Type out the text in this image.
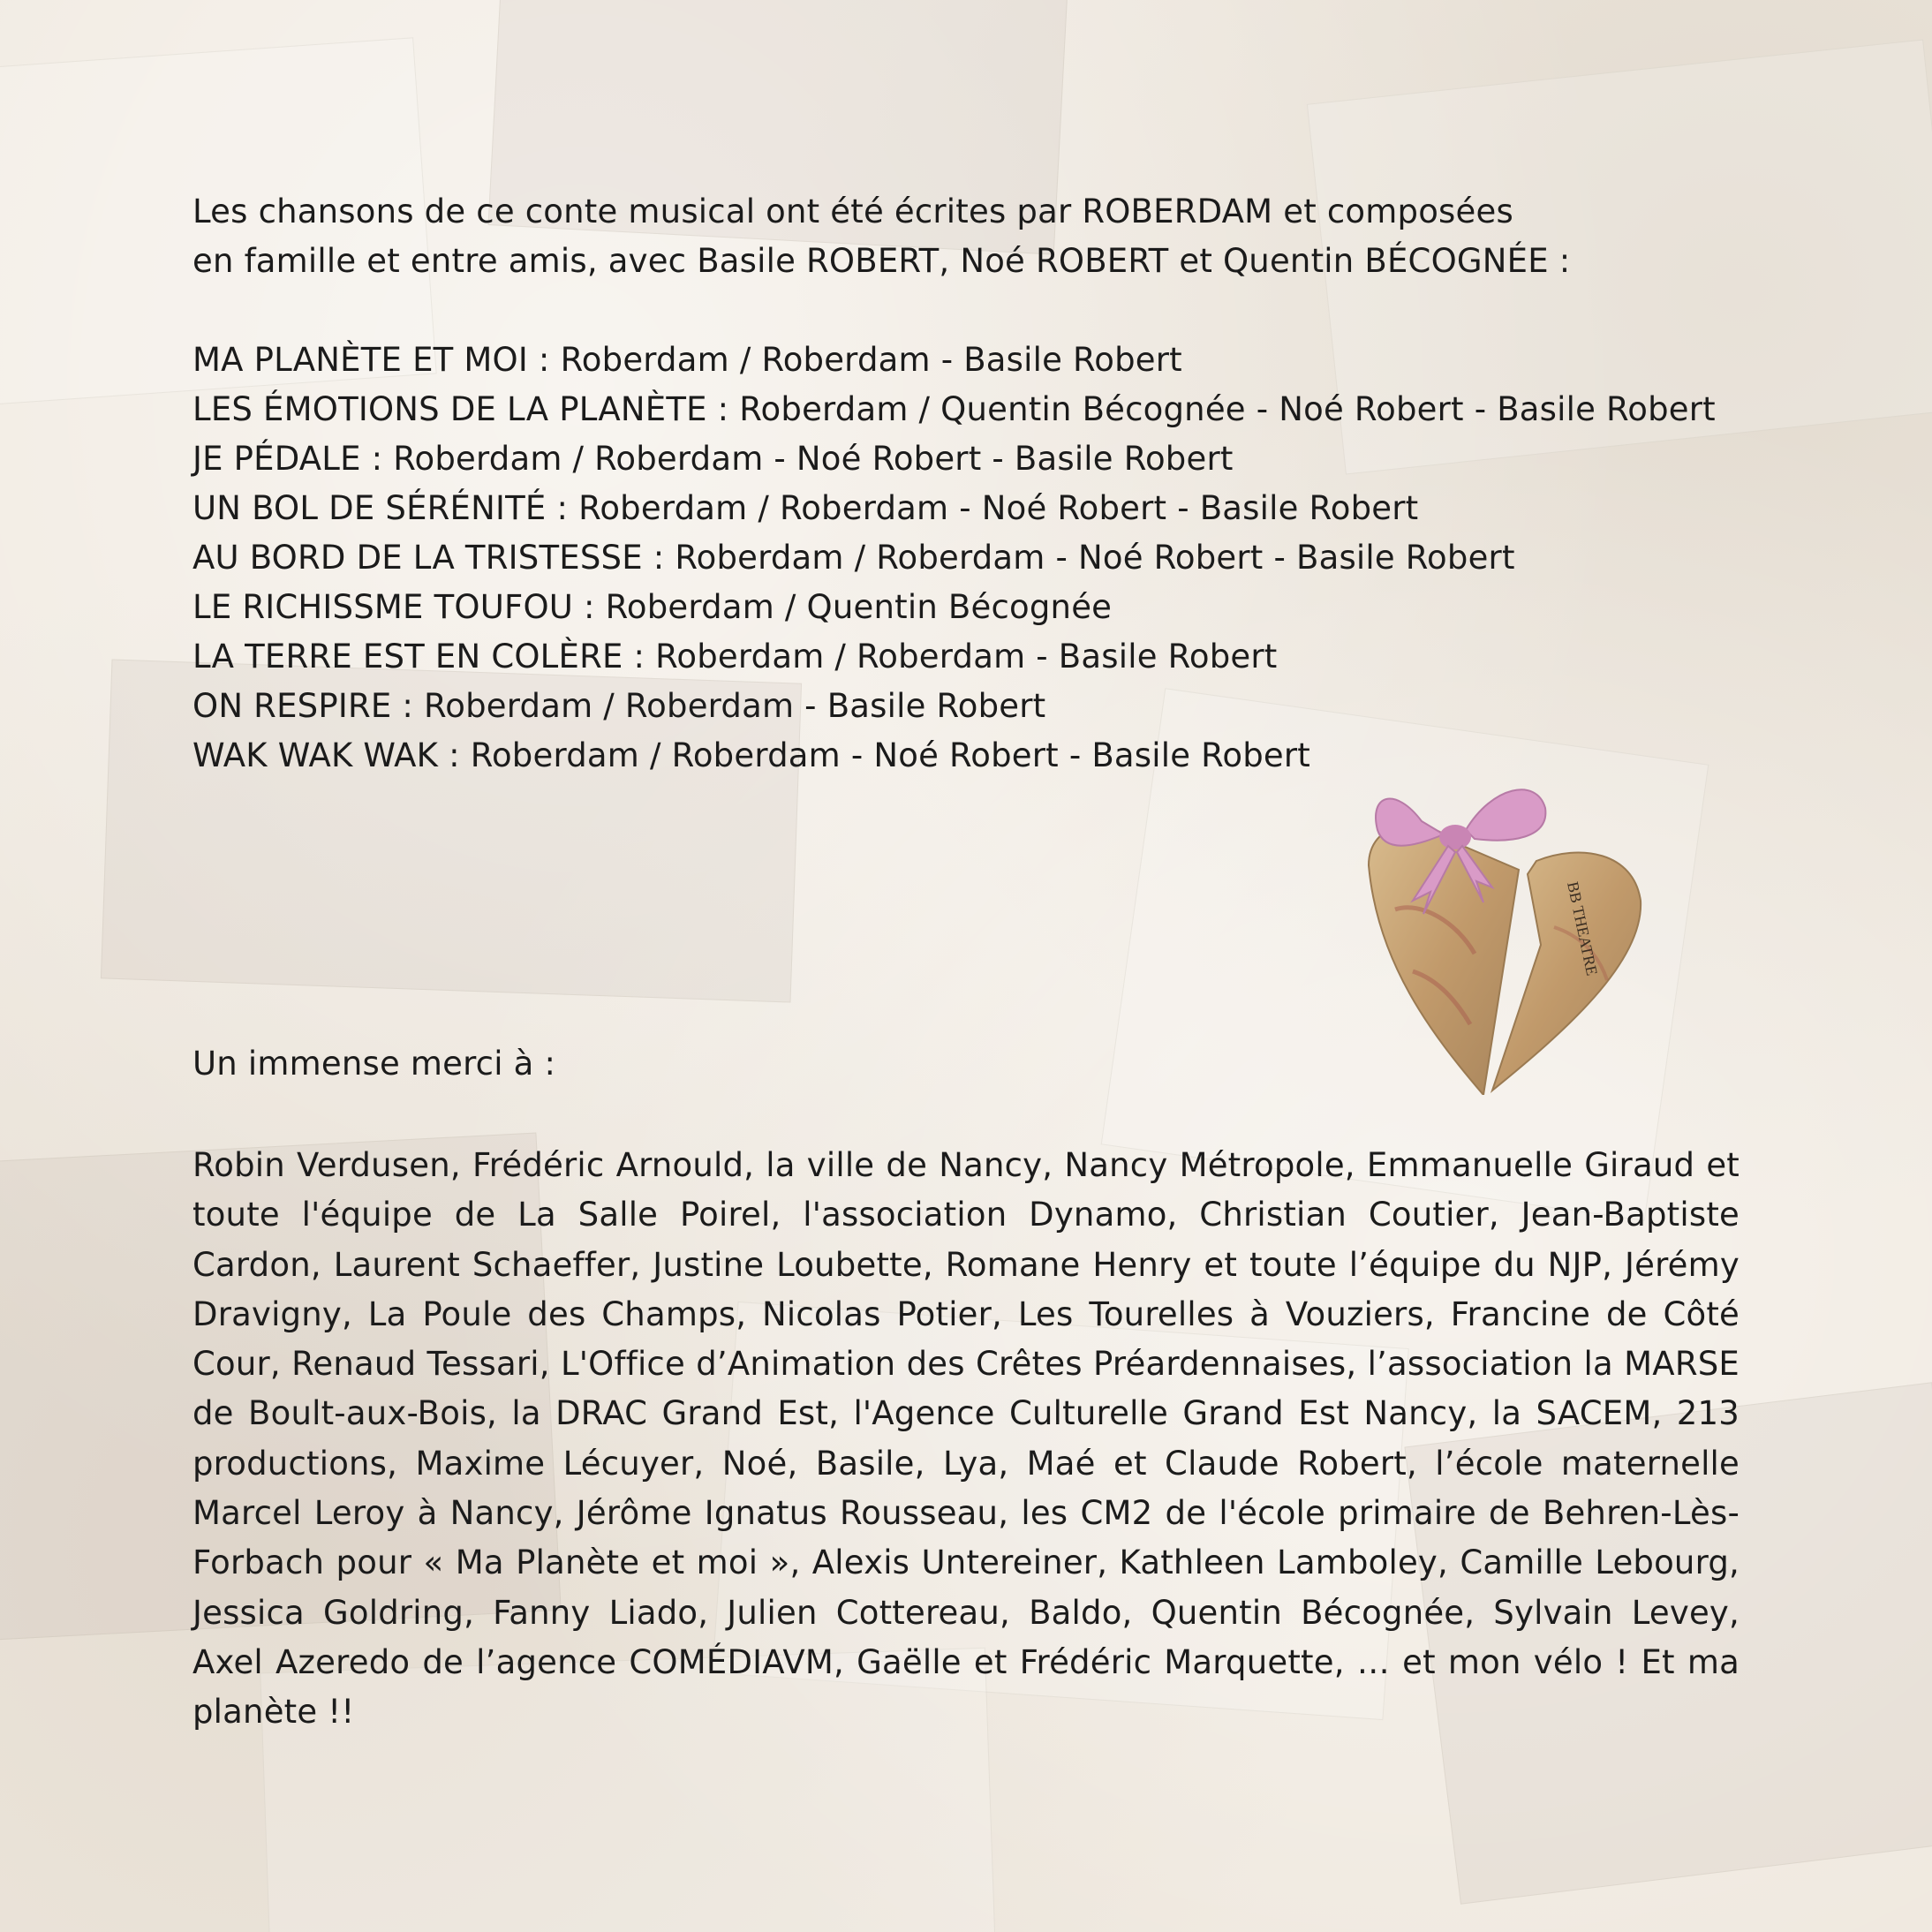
Les chansons de ce conte musical ont été écrites par ROBERDAM et composées

en famille et entre amis, avec Basile ROBERT, Noé ROBERT et Quentin BÉCOGNÉE :

MA PLANÈTE ET MOI : Roberdam / Roberdam - Basile Robert
LES ÉMOTIONS DE LA PLANÈTE : Roberdam / Quentin Bécognée - Noé Robert - Basile Robert
JE PÉDALE : Roberdam / Roberdam - Noé Robert - Basile Robert
UN BOL DE SÉRÉNITÉ : Roberdam / Roberdam - Noé Robert - Basile Robert
AU BORD DE LA TRISTESSE : Roberdam / Roberdam - Noé Robert - Basile Robert
LE RICHISSME TOUFOU : Roberdam / Quentin Bécognée
LA TERRE EST EN COLÈRE : Roberdam / Roberdam - Basile Robert
ON RESPIRE : Roberdam / Roberdam - Basile Robert
WAK WAK WAK : Roberdam / Roberdam - Noé Robert - Basile Robert
BB THEATRE
Un immense merci à :
Robin Verdusen, Frédéric Arnould, la ville de Nancy, Nancy Métropole, Emmanuelle Giraud et toute l'équipe de La Salle Poirel, l'association Dynamo, Christian Coutier, Jean-Baptiste Cardon, Laurent Schaeffer, Justine Loubette, Romane Henry et toute l’équipe du NJP, Jérémy Dravigny, La Poule des Champs, Nicolas Potier, Les Tourelles à Vouziers, Francine de Côté Cour, Renaud Tessari, L'Office d’Animation des Crêtes Préardennaises, l’association la MARSE de Boult-aux-Bois, la DRAC Grand Est, l'Agence Culturelle Grand Est Nancy, la SACEM, 213 productions, Maxime Lécuyer, Noé, Basile, Lya, Maé et Claude Robert, l’école maternelle Marcel Leroy à Nancy, Jérôme Ignatus Rousseau, les CM2 de l'école primaire de Behren-Lès-Forbach pour « Ma Planète et moi », Alexis Untereiner, Kathleen Lamboley, Camille Lebourg, Jessica Goldring, Fanny Liado, Julien Cottereau, Baldo, Quentin Bécognée, Sylvain Levey, Axel Azeredo de l’agence COMÉDIAVM, Gaëlle et Frédéric Marquette, … et mon vélo ! Et ma planète !!
